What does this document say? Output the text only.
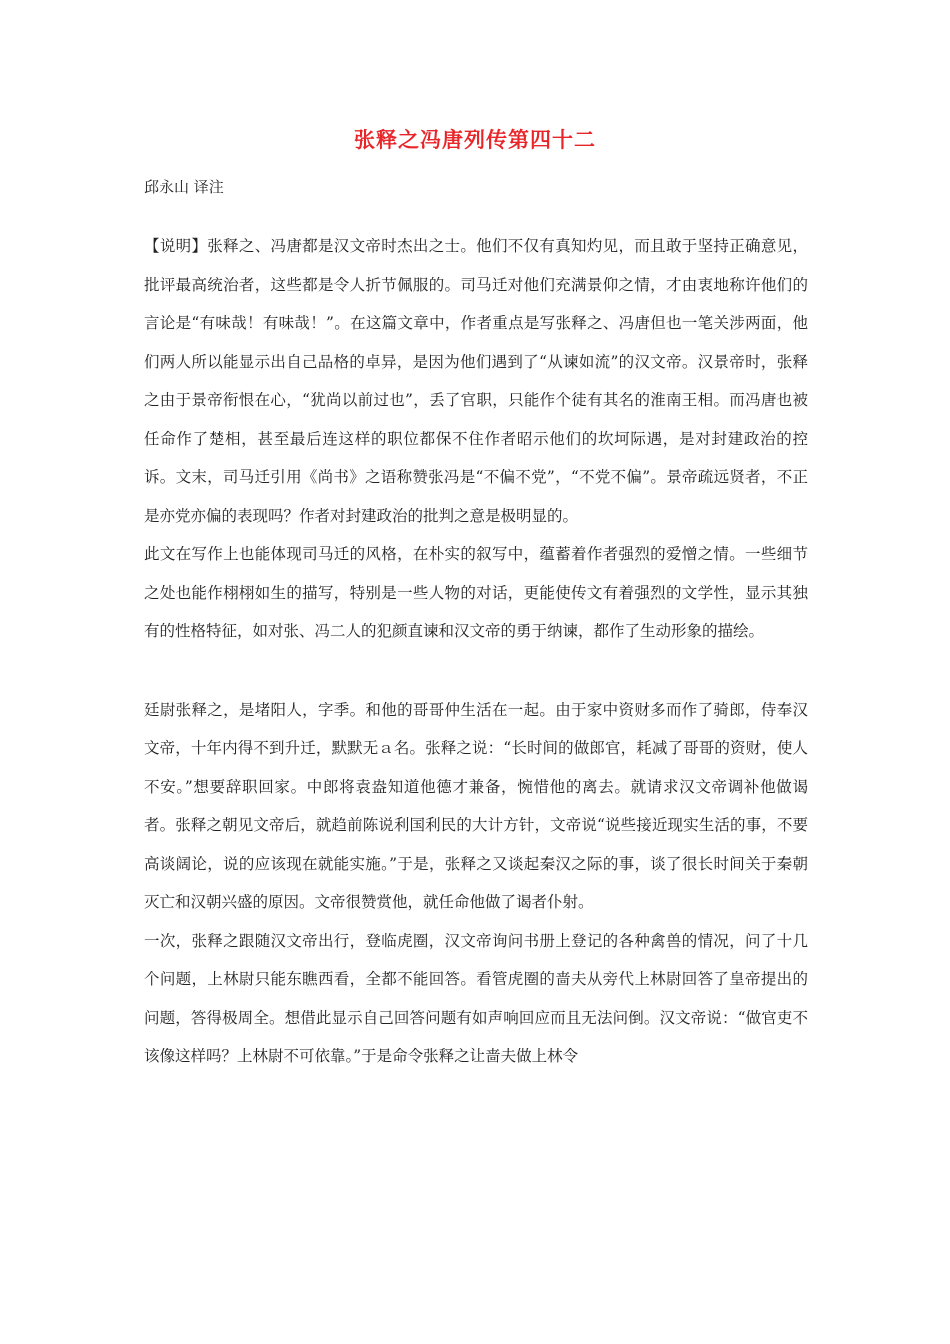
张释之冯唐列传第四十二
邱永山 译注

【说明】张释之、冯唐都是汉文帝时杰出之士。他们不仅有真知灼见，而且敢于坚持正确意见，批评最高统治者，这些都是令人折节佩服的。司马迁对他们充满景仰之情，才由衷地称许他们的言论是“有味哉！有味哉！”。在这篇文章中，作者重点是写张释之、冯唐但也一笔关涉两面，他们两人所以能显示出自己品格的卓异，是因为他们遇到了“从谏如流”的汉文帝。汉景帝时，张释之由于景帝衔恨在心，“犹尚以前过也”，丢了官职，只能作个徒有其名的淮南王相。而冯唐也被任命作了楚相，甚至最后连这样的职位都保不住作者昭示他们的坎坷际遇，是对封建政治的控诉。文末，司马迁引用《尚书》之语称赞张冯是“不偏不党”，“不党不偏”。景帝疏远贤者，不正是亦党亦偏的表现吗？作者对封建政治的批判之意是极明显的。

此文在写作上也能体现司马迁的风格，在朴实的叙写中，蕴蓄着作者强烈的爱憎之情。一些细节之处也能作栩栩如生的描写，特别是一些人物的对话，更能使传文有着强烈的文学性，显示其独有的性格特征，如对张、冯二人的犯颜直谏和汉文帝的勇于纳谏，都作了生动形象的描绘。

廷尉张释之，是堵阳人，字季。和他的哥哥仲生活在一起。由于家中资财多而作了骑郎，侍奉汉文帝，十年内得不到升迁，默默无ａ名。张释之说：“长时间的做郎官，耗减了哥哥的资财，使人不安。”想要辞职回家。中郎将袁盎知道他德才兼备，惋惜他的离去。就请求汉文帝调补他做谒者。张释之朝见文帝后，就趋前陈说利国利民的大计方针，文帝说“说些接近现实生活的事，不要高谈阔论，说的应该现在就能实施。”于是，张释之又谈起秦汉之际的事，谈了很长时间关于秦朝灭亡和汉朝兴盛的原因。文帝很赞赏他，就任命他做了谒者仆射。

一次，张释之跟随汉文帝出行，登临虎圈，汉文帝询问书册上登记的各种禽兽的情况，问了十几个问题，上林尉只能东瞧西看，全都不能回答。看管虎圈的啬夫从旁代上林尉回答了皇帝提出的问题，答得极周全。想借此显示自己回答问题有如声响回应而且无法问倒。汉文帝说：“做官吏不该像这样吗？上林尉不可依靠。”于是命令张释之让啬夫做上林令
